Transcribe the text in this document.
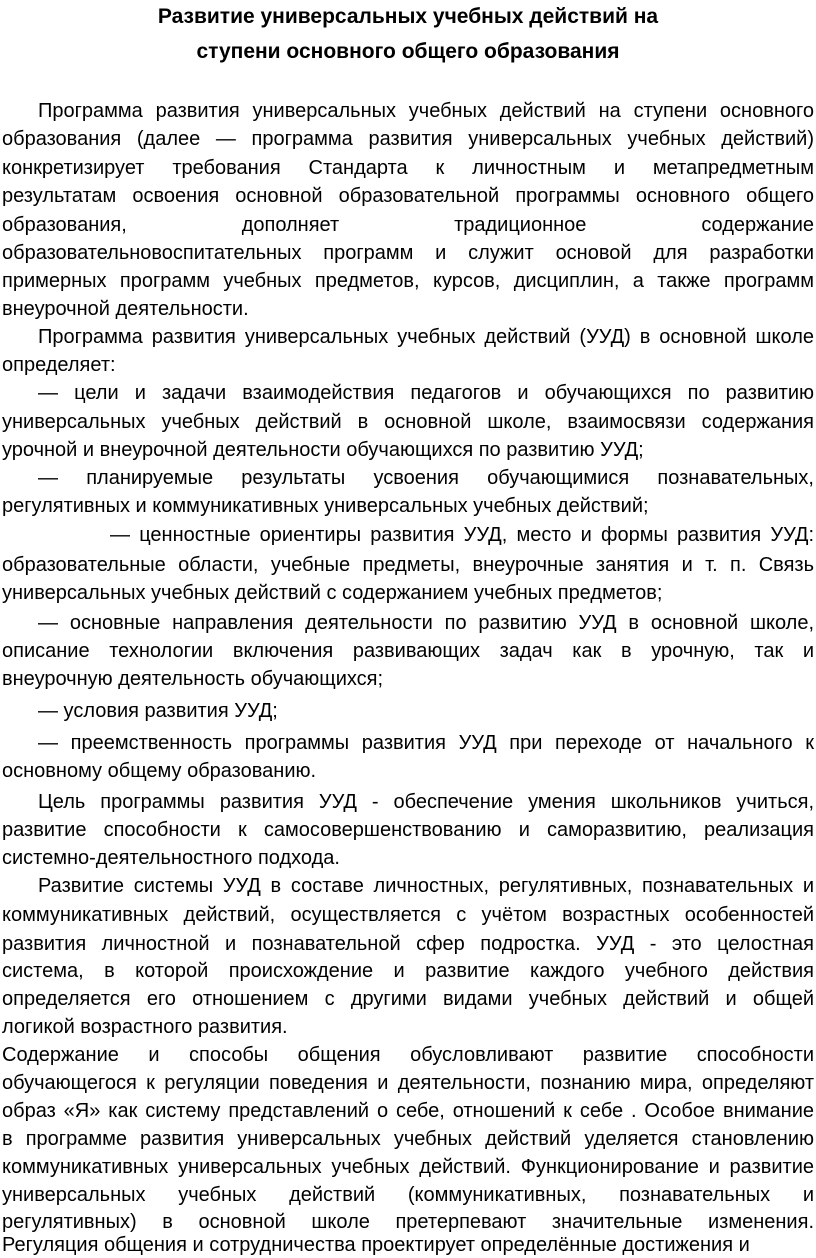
Развитие универсальных учебных действий на
ступени основного общего образования
Программа развития универсальных учебных действий на ступени основного
образования (далее — программа развития универсальных учебных действий)
конкретизирует требования Стандарта к личностным и метапредметным
результатам освоения основной образовательной программы основного общего
образования, дополняет традиционное содержание
образовательновоспитательных программ и служит основой для разработки
примерных программ учебных предметов, курсов, дисциплин, а также программ
внеурочной деятельности.
Программа развития универсальных учебных действий (УУД) в основной школе
определяет:
— цели и задачи взаимодействия педагогов и обучающихся по развитию
универсальных учебных действий в основной школе, взаимосвязи содержания
урочной и внеурочной деятельности обучающихся по развитию УУД;
— планируемые результаты усвоения обучающимися познавательных,
регулятивных и коммуникативных универсальных учебных действий;
— ценностные ориентиры развития УУД, место и формы развития УУД:
образовательные области, учебные предметы, внеурочные занятия и т. п. Связь
универсальных учебных действий с содержанием учебных предметов;
— основные направления деятельности по развитию УУД в основной школе,
описание технологии включения развивающих задач как в урочную, так и
внеурочную деятельность обучающихся;
— условия развития УУД;
— преемственность программы развития УУД при переходе от начального к
основному общему образованию.
Цель программы развития УУД - обеспечение умения школьников учиться,
развитие способности к самосовершенствованию и саморазвитию, реализация
системно-деятельностного подхода.
Развитие системы УУД в составе личностных, регулятивных, познавательных и
коммуникативных действий, осуществляется с учётом возрастных особенностей
развития личностной и познавательной сфер подростка. УУД - это целостная
система, в которой происхождение и развитие каждого учебного действия
определяется его отношением с другими видами учебных действий и общей
логикой возрастного развития.
Содержание и способы общения обусловливают развитие способности
обучающегося к регуляции поведения и деятельности, познанию мира, определяют
образ «Я» как систему представлений о себе, отношений к себе . Особое внимание
в программе развития универсальных учебных действий уделяется становлению
коммуникативных универсальных учебных действий. Функционирование и развитие
универсальных учебных действий (коммуникативных, познавательных и
регулятивных) в основной школе претерпевают значительные изменения.
Регуляция общения и сотрудничества проектирует определённые достижения и
